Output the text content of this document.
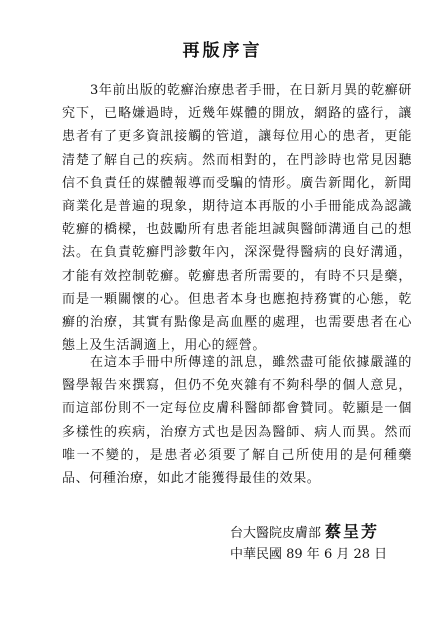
再版序言

3年前出版的乾癬治療患者手冊，在日新月異的乾癬研究下，已略嫌過時，近幾年媒體的開放，網路的盛行，讓患者有了更多資訊接觸的管道，讓每位用心的患者，更能清楚了解自己的疾病。然而相對的，在門診時也常見因聽信不負責任的媒體報導而受騙的情形。廣告新聞化，新聞商業化是普遍的現象，期待這本再版的小手冊能成為認識乾癬的橋樑，也鼓勵所有患者能坦誠與醫師溝通自己的想法。在負責乾癬門診數年內，深深覺得醫病的良好溝通，才能有效控制乾癬。乾癬患者所需要的，有時不只是藥，而是一顆關懷的心。但患者本身也應抱持務實的心態，乾癬的治療，其實有點像是高血壓的處理，也需要患者在心態上及生活調適上，用心的經營。

在這本手冊中所傳達的訊息，雖然盡可能依據嚴謹的醫學報告來撰寫，但仍不免夾雜有不夠科學的個人意見，而這部份則不一定每位皮膚科醫師都會贊同。乾顯是一個多樣性的疾病，治療方式也是因為醫師、病人而異。然而唯一不變的，是患者必須要了解自己所使用的是何種藥品、何種治療，如此才能獲得最佳的效果。

台大醫院皮膚部 蔡呈芳
中華民國 89 年 6 月 28 日
